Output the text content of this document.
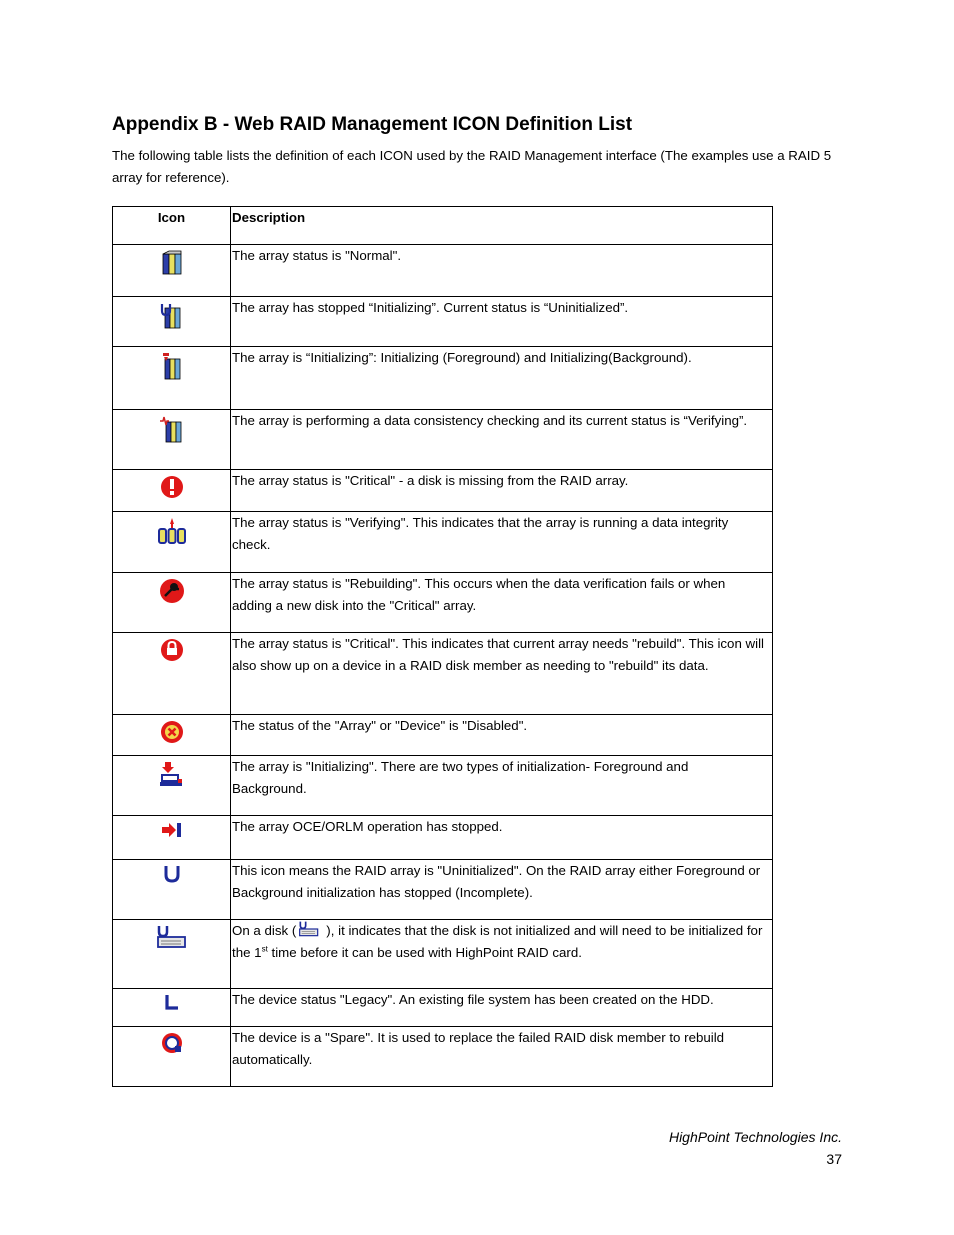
Appendix B - Web RAID Management ICON Definition List
The following table lists the definition of each ICON used by the RAID Management interface (The examples use a RAID 5 array for reference).
Icon	Description
	The array status is "Normal".
	The array has stopped “Initializing”. Current status is “Uninitialized”.
	The array is “Initializing”: Initializing (Foreground) and Initializing(Background).
	The array is performing a data consistency checking and its current status is “Verifying”.
	The array status is "Critical" - a disk is missing from the RAID array.
	The array status is "Verifying". This indicates that the array is running a data integrity check.
	The array status is "Rebuilding". This occurs when the data verification fails or when adding a new disk into the "Critical" array.
	The array status is "Critical". This indicates that current array needs "rebuild". This icon will also show up on a device in a RAID disk member as needing to "rebuild" its data.
	The status of the "Array" or "Device" is "Disabled".
	The array is "Initializing". There are two types of initialization- Foreground and Background.
	The array OCE/ORLM operation has stopped.
	This icon means the RAID array is "Uninitialized". On the RAID array either Foreground or Background initialization has stopped (Incomplete).
	On a disk ( ), it indicates that the disk is not initialized and will need to be initialized for the 1st time before it can be used with HighPoint RAID card.
	The device status "Legacy". An existing file system has been created on the HDD.
	The device is a "Spare". It is used to replace the failed RAID disk member to rebuild automatically.
HighPoint Technologies Inc.
37
